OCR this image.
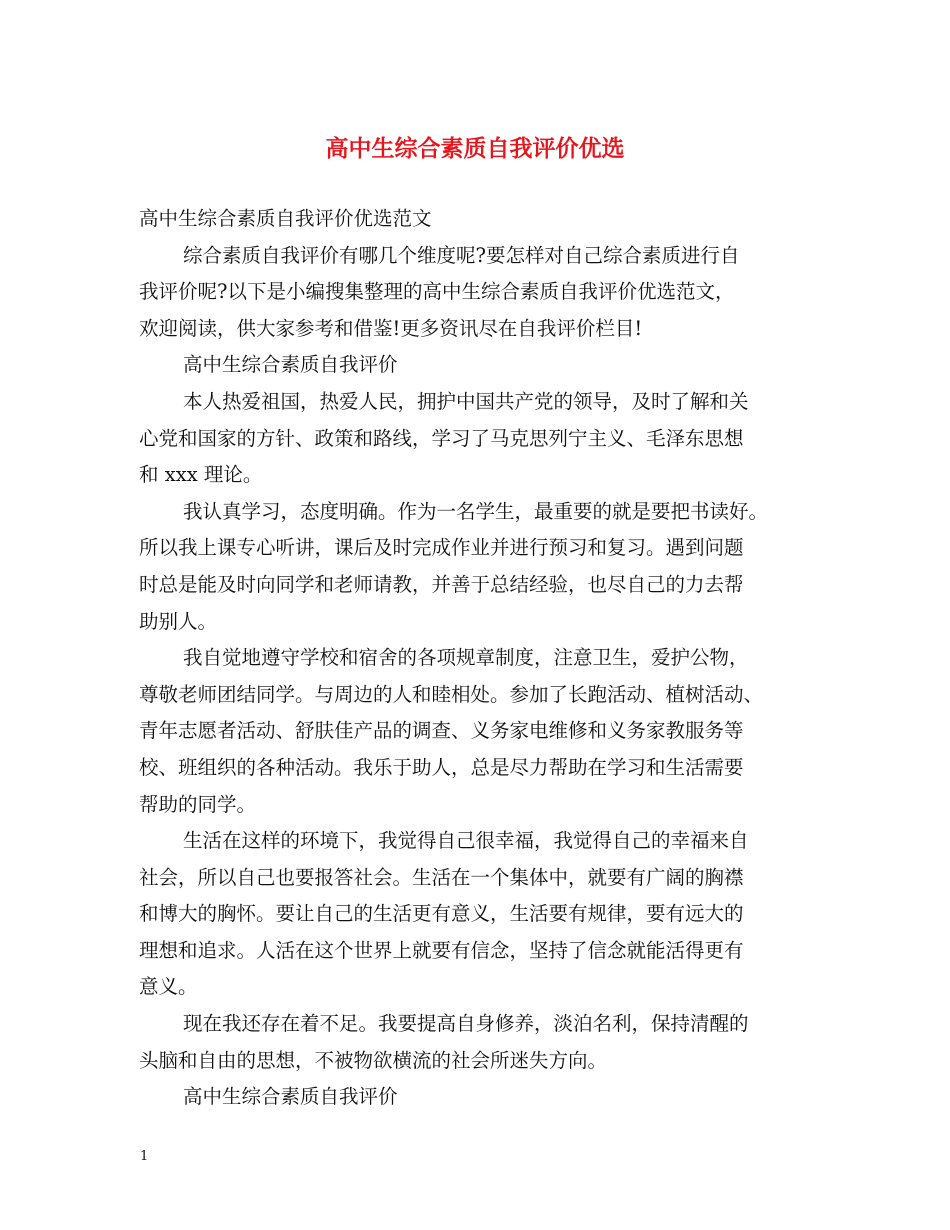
高中生综合素质自我评价优选
高中生综合素质自我评价优选范文
综合素质自我评价有哪几个维度呢?要怎样对自己综合素质进行自
我评价呢?以下是小编搜集整理的高中生综合素质自我评价优选范文，
欢迎阅读，供大家参考和借鉴!更多资讯尽在自我评价栏目!
高中生综合素质自我评价
本人热爱祖国，热爱人民，拥护中国共产党的领导，及时了解和关
心党和国家的方针、政策和路线，学习了马克思列宁主义、毛泽东思想
和 xxx 理论。
我认真学习，态度明确。作为一名学生，最重要的就是要把书读好。
所以我上课专心听讲，课后及时完成作业并进行预习和复习。遇到问题
时总是能及时向同学和老师请教，并善于总结经验，也尽自己的力去帮
助别人。
我自觉地遵守学校和宿舍的各项规章制度，注意卫生，爱护公物，
尊敬老师团结同学。与周边的人和睦相处。参加了长跑活动、植树活动、
青年志愿者活动、舒肤佳产品的调查、义务家电维修和义务家教服务等
校、班组织的各种活动。我乐于助人，总是尽力帮助在学习和生活需要
帮助的同学。
生活在这样的环境下，我觉得自己很幸福，我觉得自己的幸福来自
社会，所以自己也要报答社会。生活在一个集体中，就要有广阔的胸襟
和博大的胸怀。要让自己的生活更有意义，生活要有规律，要有远大的
理想和追求。人活在这个世界上就要有信念，坚持了信念就能活得更有
意义。
现在我还存在着不足。我要提高自身修养，淡泊名利，保持清醒的
头脑和自由的思想，不被物欲横流的社会所迷失方向。
高中生综合素质自我评价
1
